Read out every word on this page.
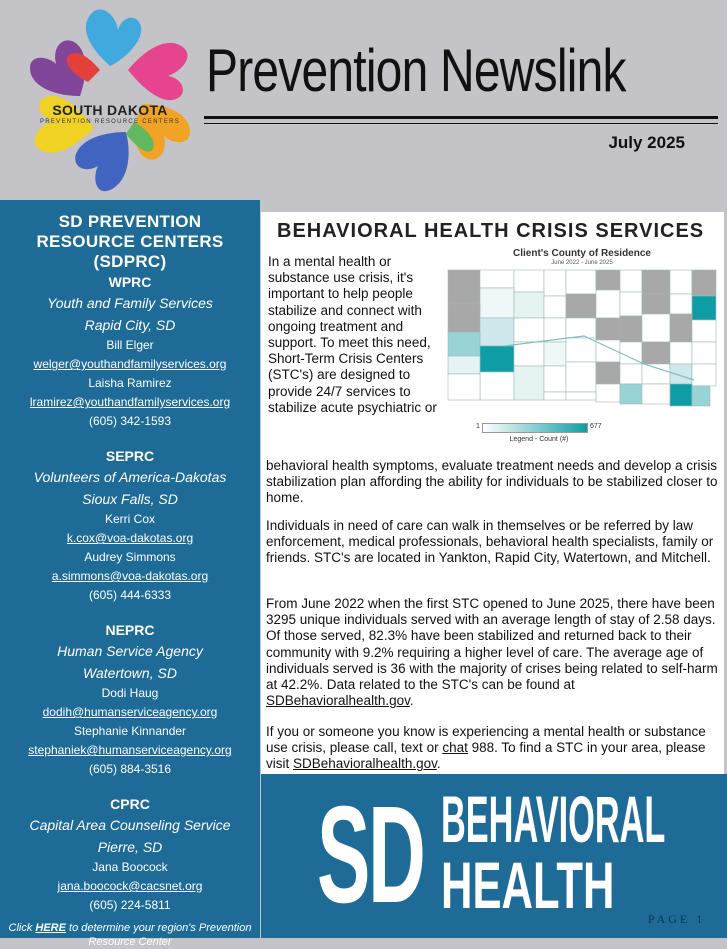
SOUTH DAKOTA
PREVENTION RESOURCE CENTERS
Prevention Newslink
July 2025
SD PREVENTION RESOURCE CENTERS (SDPRC)
WPRC
Youth and Family Services
Rapid City, SD
Bill Elger
welger@youthandfamilyservices.org
Laisha Ramirez
lramirez@youthandfamilyservices.org
(605) 342-1593
SEPRC
Volunteers of America-Dakotas
Sioux Falls, SD
Kerri Cox
k.cox@voa-dakotas.org
Audrey Simmons
a.simmons@voa-dakotas.org
(605) 444-6333
NEPRC
Human Service Agency
Watertown, SD
Dodi Haug
dodih@humanserviceagency.org
Stephanie Kinnander
stephaniek@humanserviceagency.org
(605) 884-3516
CPRC
Capital Area Counseling Service
Pierre, SD
Jana Boocock
jana.boocock@cacsnet.org
(605) 224-5811
Click HERE to determine your region's Prevention Resource Center
BEHAVIORAL HEALTH CRISIS SERVICES
In a mental health or substance use crisis, it's important to help people stabilize and connect with ongoing treatment and support. To meet this need, Short-Term Crisis Centers (STC's) are designed to provide 24/7 services to stabilize acute psychiatric or
Client's County of Residence
June 2022 - June 2025
1	677
Legend - Count (#)
behavioral health symptoms, evaluate treatment needs and develop a crisis stabilization plan affording the ability for individuals to be stabilized closer to home.
Individuals in need of care can walk in themselves or be referred by law enforcement, medical professionals, behavioral health specialists, family or friends. STC's are located in Yankton, Rapid City, Watertown, and Mitchell.
From June 2022 when the first STC opened to June 2025, there have been 3295 unique individuals served with an average length of stay of 2.58 days. Of those served, 82.3% have been stabilized and returned back to their community with 9.2% requiring a higher level of care. The average age of individuals served is 36 with the majority of crises being related to self-harm at 42.2%. Data related to the STC's can be found at SDBehavioralhealth.gov.
If you or someone you know is experiencing a mental health or substance use crisis, please call, text or chat 988. To find a STC in your area, please visit SDBehavioralhealth.gov.
SD BEHAVIORAL
HEALTH	PAGE 1
